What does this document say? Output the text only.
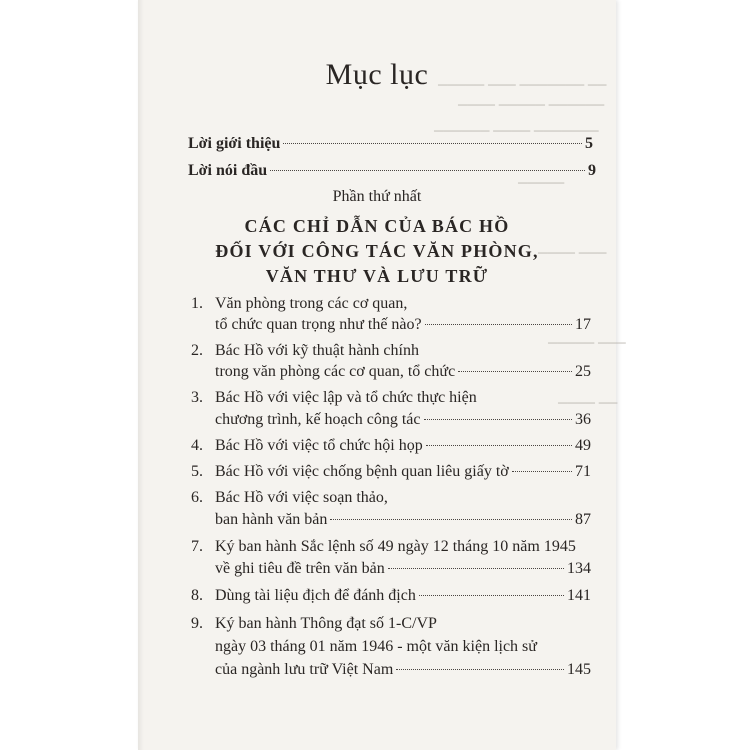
▁▁▁▁▁ ▁▁▁ ▁▁▁▁▁▁▁ ▁▁
▁▁▁▁ ▁▁▁▁▁ ▁▁▁▁▁▁
▁▁▁▁▁▁ ▁▁▁▁ ▁▁▁▁▁▁▁
▁▁▁▁▁
▁▁▁▁ ▁▁▁
▁▁▁▁▁ ▁▁▁
▁▁▁▁ ▁▁
Mục lục
Lời giới thiệu	5
Lời nói đầu	9
Phần thứ nhất
CÁC CHỈ DẪN CỦA BÁC HỒ
ĐỐI VỚI CÔNG TÁC VĂN PHÒNG,
VĂN THƯ VÀ LƯU TRỮ
1. Văn phòng trong các cơ quan,
tổ chức quan trọng như thế nào?	17
2. Bác Hồ với kỹ thuật hành chính
trong văn phòng các cơ quan, tổ chức	25
3. Bác Hồ với việc lập và tổ chức thực hiện
chương trình, kế hoạch công tác	36
4. Bác Hồ với việc tổ chức hội họp	49
5. Bác Hồ với việc chống bệnh quan liêu giấy tờ	71
6. Bác Hồ với việc soạn thảo,
ban hành văn bản	87
7. Ký ban hành Sắc lệnh số 49 ngày 12 tháng 10 năm 1945
về ghi tiêu đề trên văn bản	134
8. Dùng tài liệu địch để đánh địch	141
9. Ký ban hành Thông đạt số 1-C/VP
ngày 03 tháng 01 năm 1946 - một văn kiện lịch sử
của ngành lưu trữ Việt Nam	145
